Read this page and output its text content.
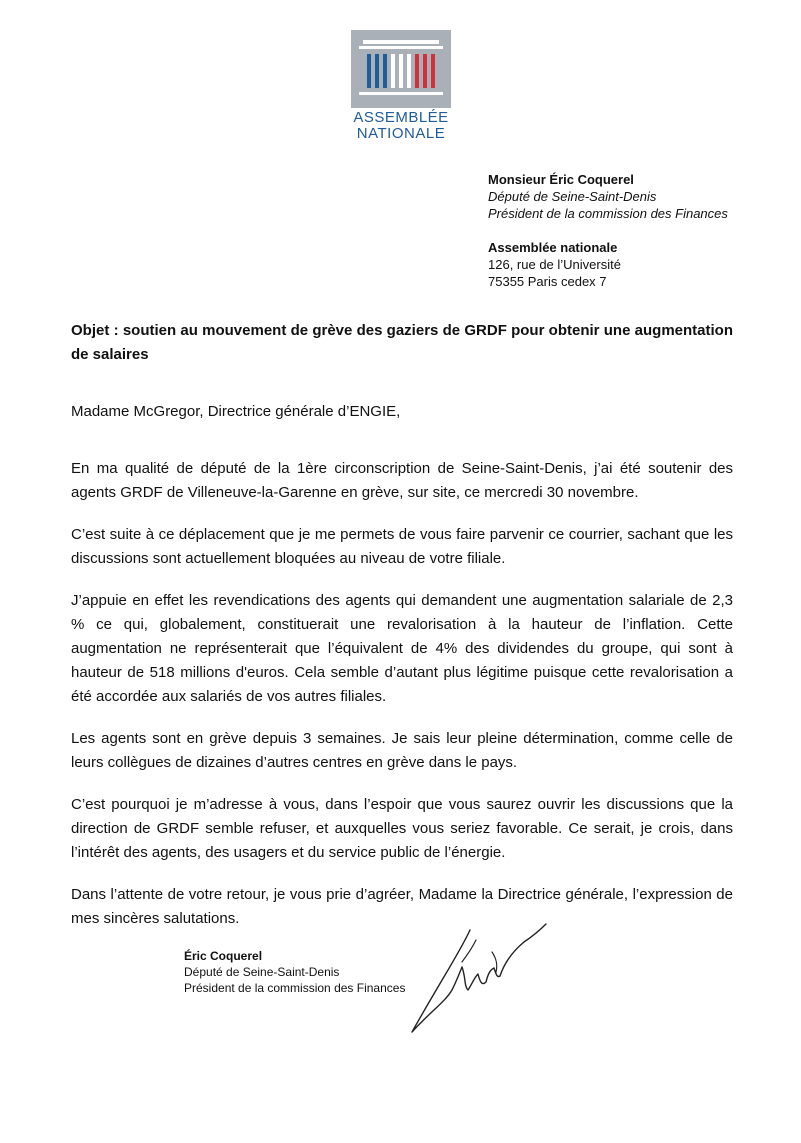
ASSEMBLÉE
NATIONALE
Monsieur Éric Coquerel
Député de Seine-Saint-Denis
Président de la commission des Finances
Assemblée nationale
126, rue de l’Université
75355 Paris cedex 7
Objet : soutien au mouvement de grève des gaziers de GRDF pour obtenir une augmentation de salaires
Madame McGregor, Directrice générale d’ENGIE,

En ma qualité de député de la 1ère circonscription de Seine-Saint-Denis, j’ai été soutenir des agents GRDF de Villeneuve-la-Garenne en grève, sur site, ce mercredi 30 novembre.

C’est suite à ce déplacement que je me permets de vous faire parvenir ce courrier, sachant que les discussions sont actuellement bloquées au niveau de votre filiale.

J’appuie en effet les revendications des agents qui demandent une augmentation salariale de 2,3 % ce qui, globalement, constituerait une revalorisation à la hauteur de l’inflation. Cette augmentation ne représenterait que l’équivalent de 4% des dividendes du groupe, qui sont à hauteur de 518 millions d'euros. Cela semble d’autant plus légitime puisque cette revalorisation a été accordée aux salariés de vos autres filiales.

Les agents sont en grève depuis 3 semaines. Je sais leur pleine détermination, comme celle de leurs collègues de dizaines d’autres centres en grève dans le pays.

C’est pourquoi je m’adresse à vous, dans l’espoir que vous saurez ouvrir les discussions que la direction de GRDF semble refuser, et auxquelles vous seriez favorable. Ce serait, je crois, dans l’intérêt des agents, des usagers et du service public de l’énergie.

Dans l’attente de votre retour, je vous prie d’agréer, Madame la Directrice générale, l’expression de mes sincères salutations.

Éric Coquerel
Député de Seine-Saint-Denis
Président de la commission des Finances
